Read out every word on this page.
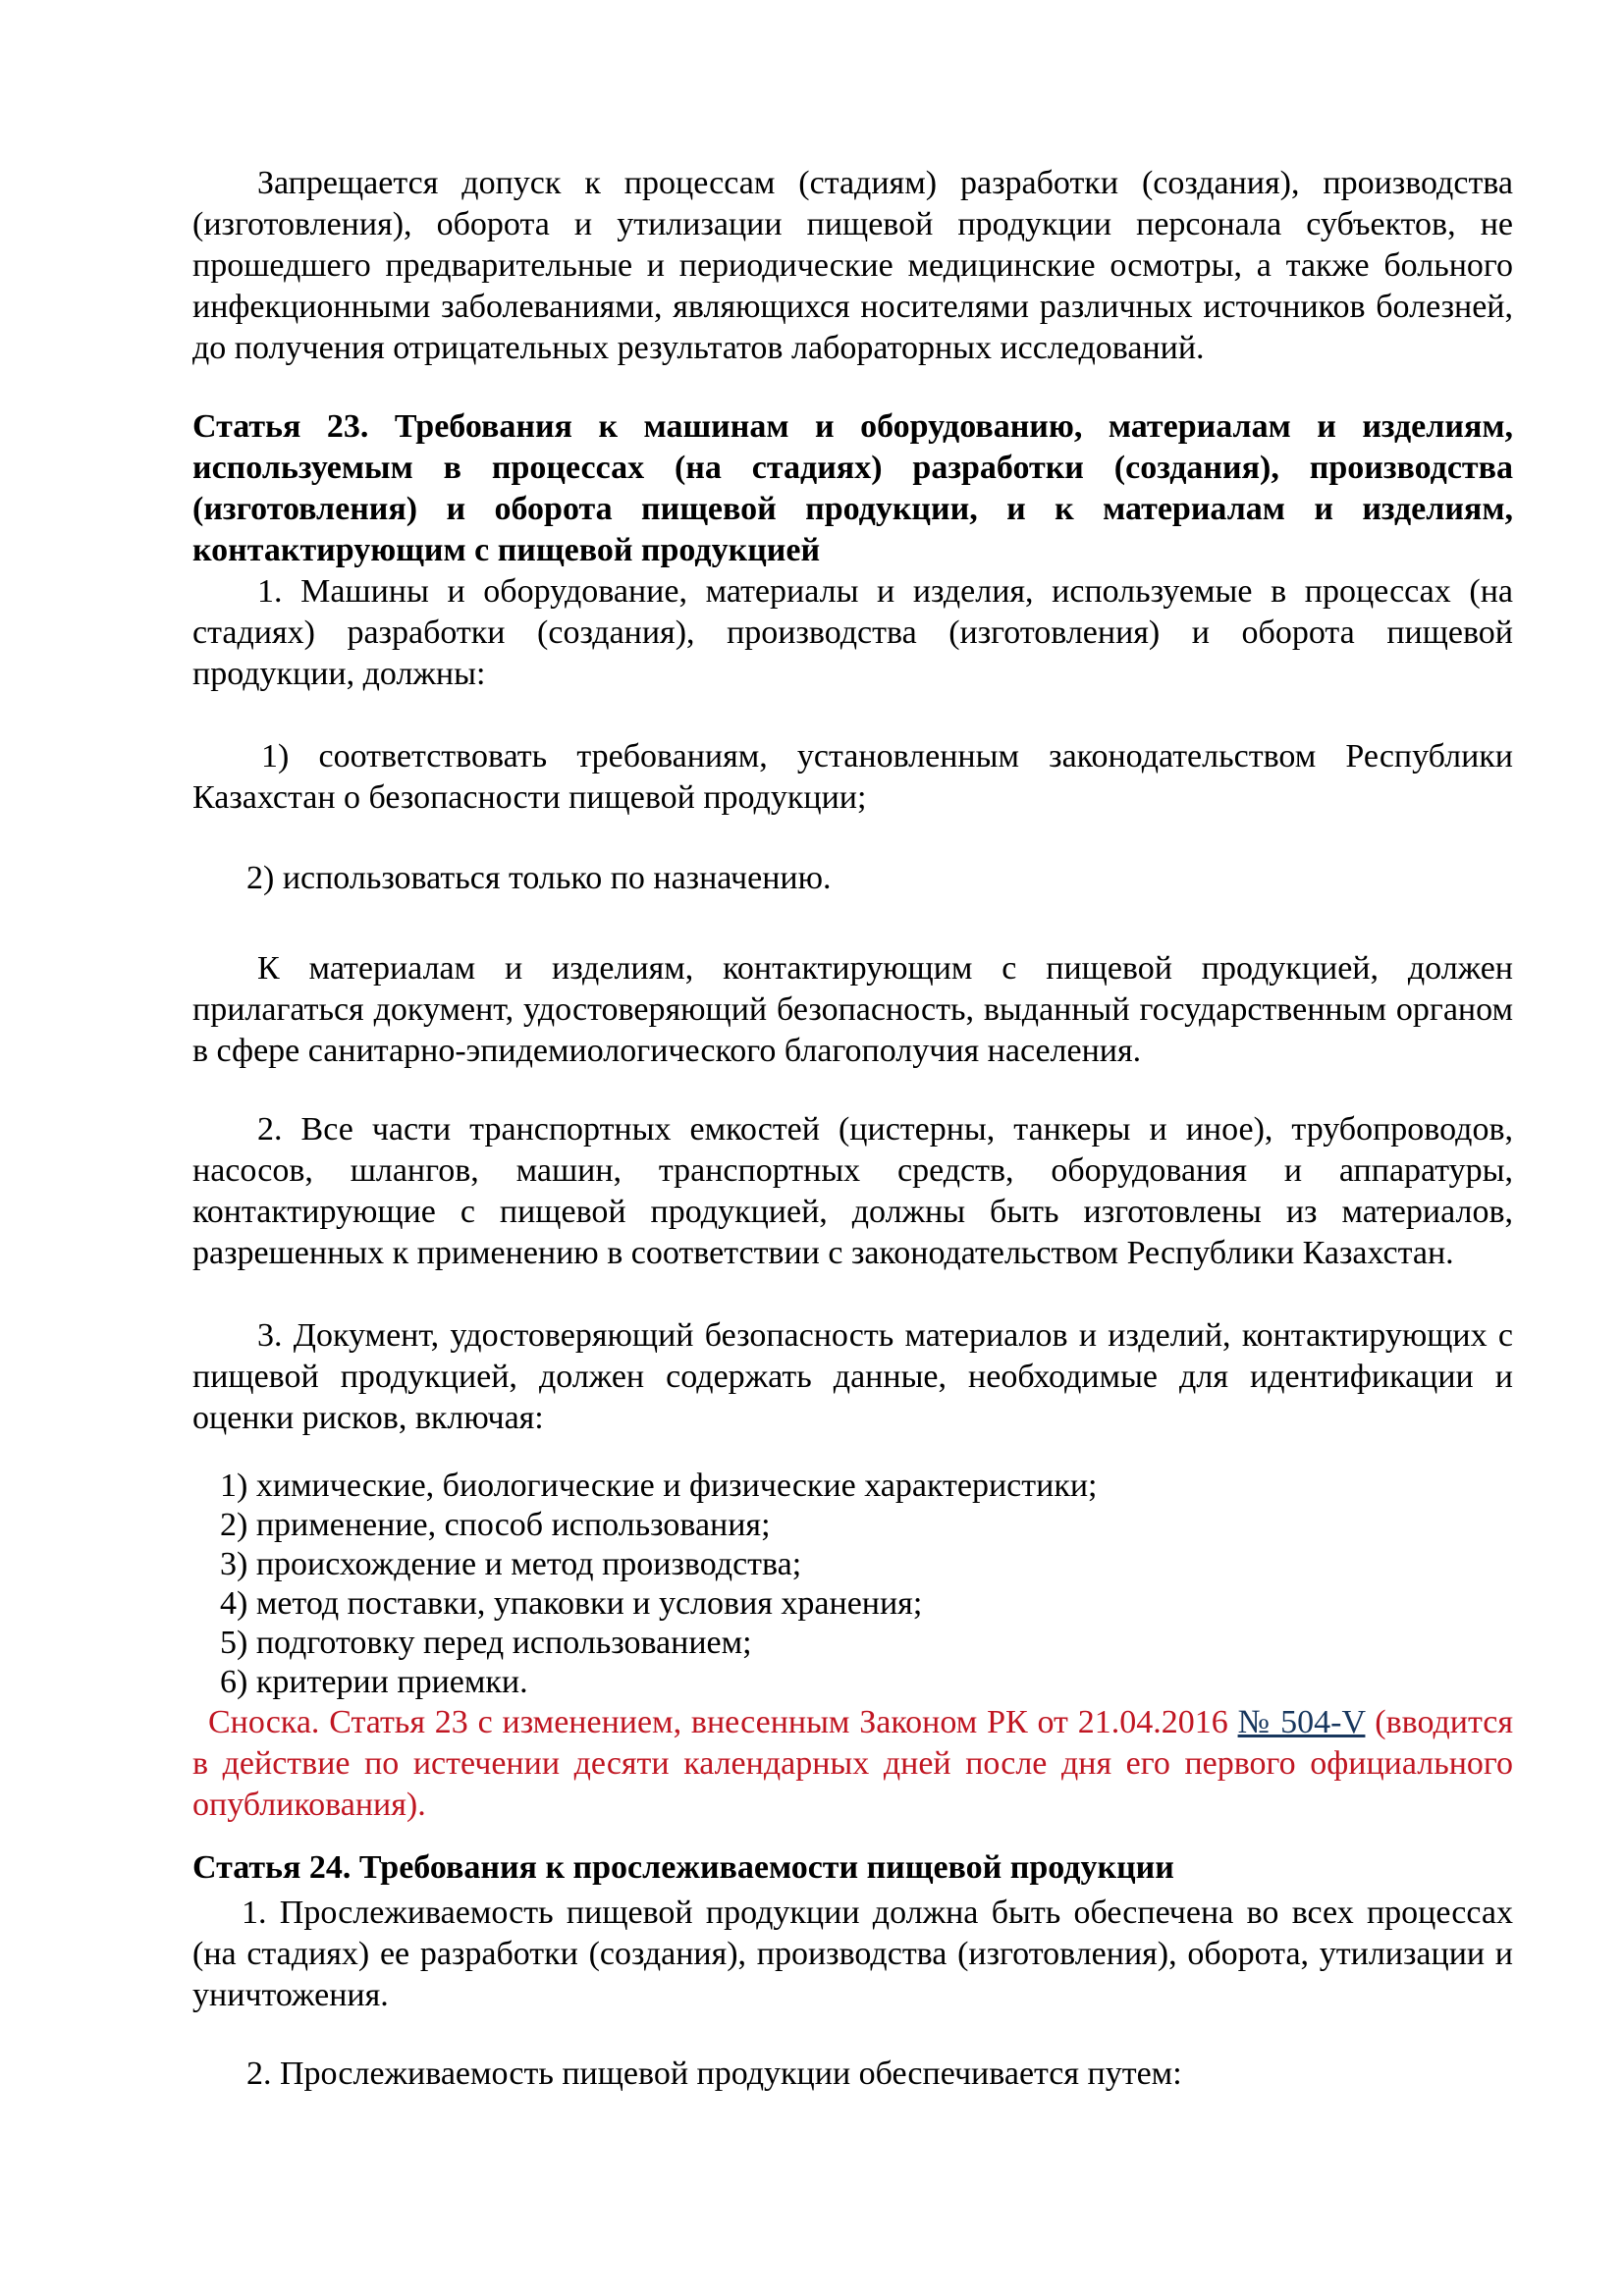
Запрещается допуск к процессам (стадиям) разработки (создания), производства (изготовления), оборота и утилизации пищевой продукции персонала субъектов, не прошедшего предварительные и периодические медицинские осмотры, а также больного инфекционными заболеваниями, являющихся носителями различных источников болезней, до получения отрицательных результатов лабораторных исследований.

Статья 23. Требования к машинам и оборудованию, материалам и изделиям, используемым в процессах (на стадиях) разработки (создания), производства (изготовления) и оборота пищевой продукции, и к материалам и изделиям, контактирующим с пищевой продукцией

1. Машины и оборудование, материалы и изделия, используемые в процессах (на стадиях) разработки (создания), производства (изготовления) и оборота пищевой продукции, должны:

1) соответствовать требованиям, установленным законодательством Республики Казахстан о безопасности пищевой продукции;

2) использоваться только по назначению.

К материалам и изделиям, контактирующим с пищевой продукцией, должен прилагаться документ, удостоверяющий безопасность, выданный государственным органом в сфере санитарно-эпидемиологического благополучия населения.

2. Все части транспортных емкостей (цистерны, танкеры и иное), трубопроводов, насосов, шлангов, машин, транспортных средств, оборудования и аппаратуры, контактирующие с пищевой продукцией, должны быть изготовлены из материалов, разрешенных к применению в соответствии с законодательством Республики Казахстан.

3. Документ, удостоверяющий безопасность материалов и изделий, контактирующих с пищевой продукцией, должен содержать данные, необходимые для идентификации и оценки рисков, включая:

1) химические, биологические и физические характеристики;
2) применение, способ использования;
3) происхождение и метод производства;
4) метод поставки, упаковки и условия хранения;
5) подготовку перед использованием;
6) критерии приемки.

Сноска. Статья 23 с изменением, внесенным Законом РК от 21.04.2016 № 504-V (вводится в действие по истечении десяти календарных дней после дня его первого официального опубликования).

Статья 24. Требования к прослеживаемости пищевой продукции

1. Прослеживаемость пищевой продукции должна быть обеспечена во всех процессах (на стадиях) ее разработки (создания), производства (изготовления), оборота, утилизации и уничтожения.

2. Прослеживаемость пищевой продукции обеспечивается путем:
